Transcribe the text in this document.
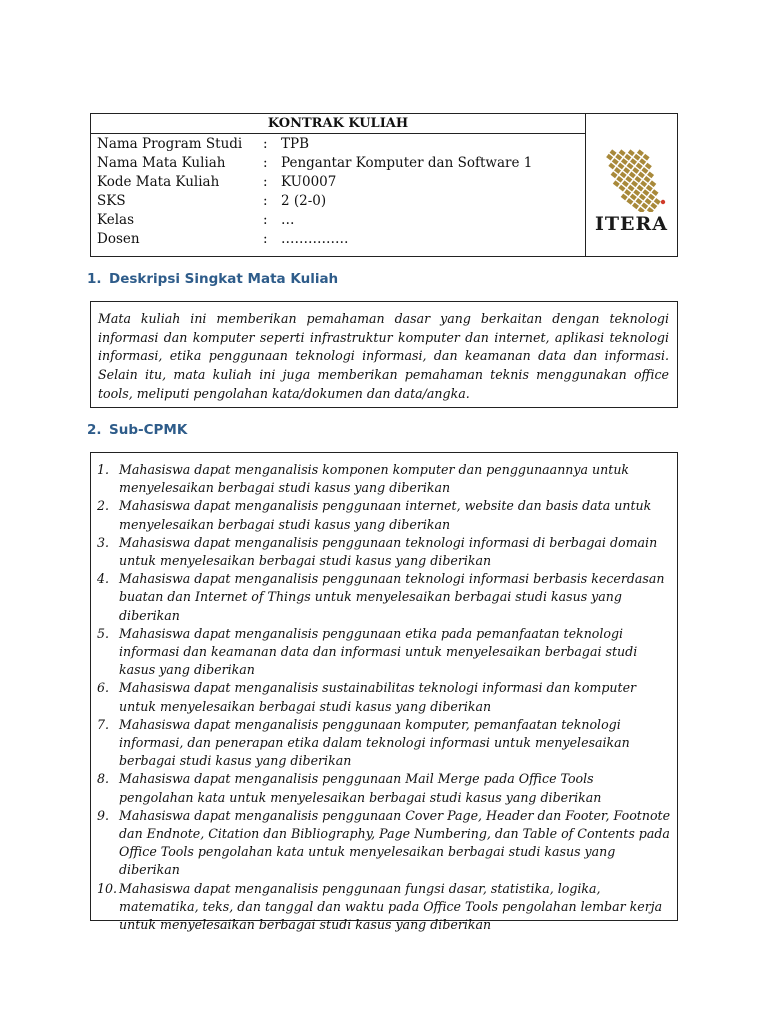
KONTRAK KULIAH
Nama Program Studi : TPB
Nama Mata Kuliah	: Pengantar Komputer dan Software 1
Kode Mata Kuliah	: KU0007
SKS	: 2 (2-0)
Kelas	: …
Dosen	: ……………
ITERA
1. Deskripsi Singkat Mata Kuliah

Mata kuliah ini memberikan pemahaman dasar yang berkaitan dengan teknologi informasi dan komputer seperti infrastruktur komputer dan internet, aplikasi teknologi informasi, etika penggunaan teknologi informasi, dan keamanan data dan informasi. Selain itu, mata kuliah ini juga memberikan pemahaman teknis menggunakan office tools, meliputi pengolahan kata/dokumen dan data/angka.

2. Sub-CPMK
1. Mahasiswa dapat menganalisis komponen komputer dan penggunaannya untuk menyelesaikan berbagai studi kasus yang diberikan
2. Mahasiswa dapat menganalisis penggunaan internet, website dan basis data untuk menyelesaikan berbagai studi kasus yang diberikan
3. Mahasiswa dapat menganalisis penggunaan teknologi informasi di berbagai domain untuk menyelesaikan berbagai studi kasus yang diberikan
4. Mahasiswa dapat menganalisis penggunaan teknologi informasi berbasis kecerdasan buatan dan Internet of Things untuk menyelesaikan berbagai studi kasus yang diberikan
5. Mahasiswa dapat menganalisis penggunaan etika pada pemanfaatan teknologi informasi dan keamanan data dan informasi untuk menyelesaikan berbagai studi kasus yang diberikan
6. Mahasiswa dapat menganalisis sustainabilitas teknologi informasi dan komputer untuk menyelesaikan berbagai studi kasus yang diberikan
7. Mahasiswa dapat menganalisis penggunaan komputer, pemanfaatan teknologi informasi, dan penerapan etika dalam teknologi informasi untuk menyelesaikan berbagai studi kasus yang diberikan
8. Mahasiswa dapat menganalisis penggunaan Mail Merge pada Office Tools pengolahan kata untuk menyelesaikan berbagai studi kasus yang diberikan
9. Mahasiswa dapat menganalisis penggunaan Cover Page, Header dan Footer, Footnote dan Endnote, Citation dan Bibliography, Page Numbering, dan Table of Contents pada Office Tools pengolahan kata untuk menyelesaikan berbagai studi kasus yang diberikan
10. Mahasiswa dapat menganalisis penggunaan fungsi dasar, statistika, logika, matematika, teks, dan tanggal dan waktu pada Office Tools pengolahan lembar kerja untuk menyelesaikan berbagai studi kasus yang diberikan
